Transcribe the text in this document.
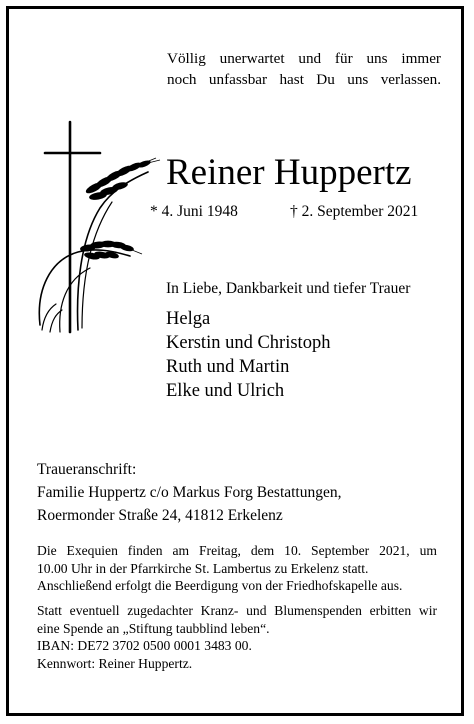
Völlig unerwartet und für uns immer
noch unfassbar hast Du uns verlassen.
Reiner Huppertz
* 4. Juni 1948	† 2. September 2021
In Liebe, Dankbarkeit und tiefer Trauer
Helga
Kerstin und Christoph
Ruth und Martin
Elke und Ulrich
Traueranschrift:
Familie Huppertz c/o Markus Forg Bestattungen,
Roermonder Straße 24, 41812 Erkelenz
Die Exequien finden am Freitag, dem 10. September 2021, um
10.00 Uhr in der Pfarrkirche St. Lambertus zu Erkelenz statt.
Anschließend erfolgt die Beerdigung von der Friedhofskapelle aus.
Statt eventuell zugedachter Kranz- und Blumenspenden erbitten wir
eine Spende an „Stiftung taubblind leben“.
IBAN: DE72 3702 0500 0001 3483 00.
Kennwort: Reiner Huppertz.
